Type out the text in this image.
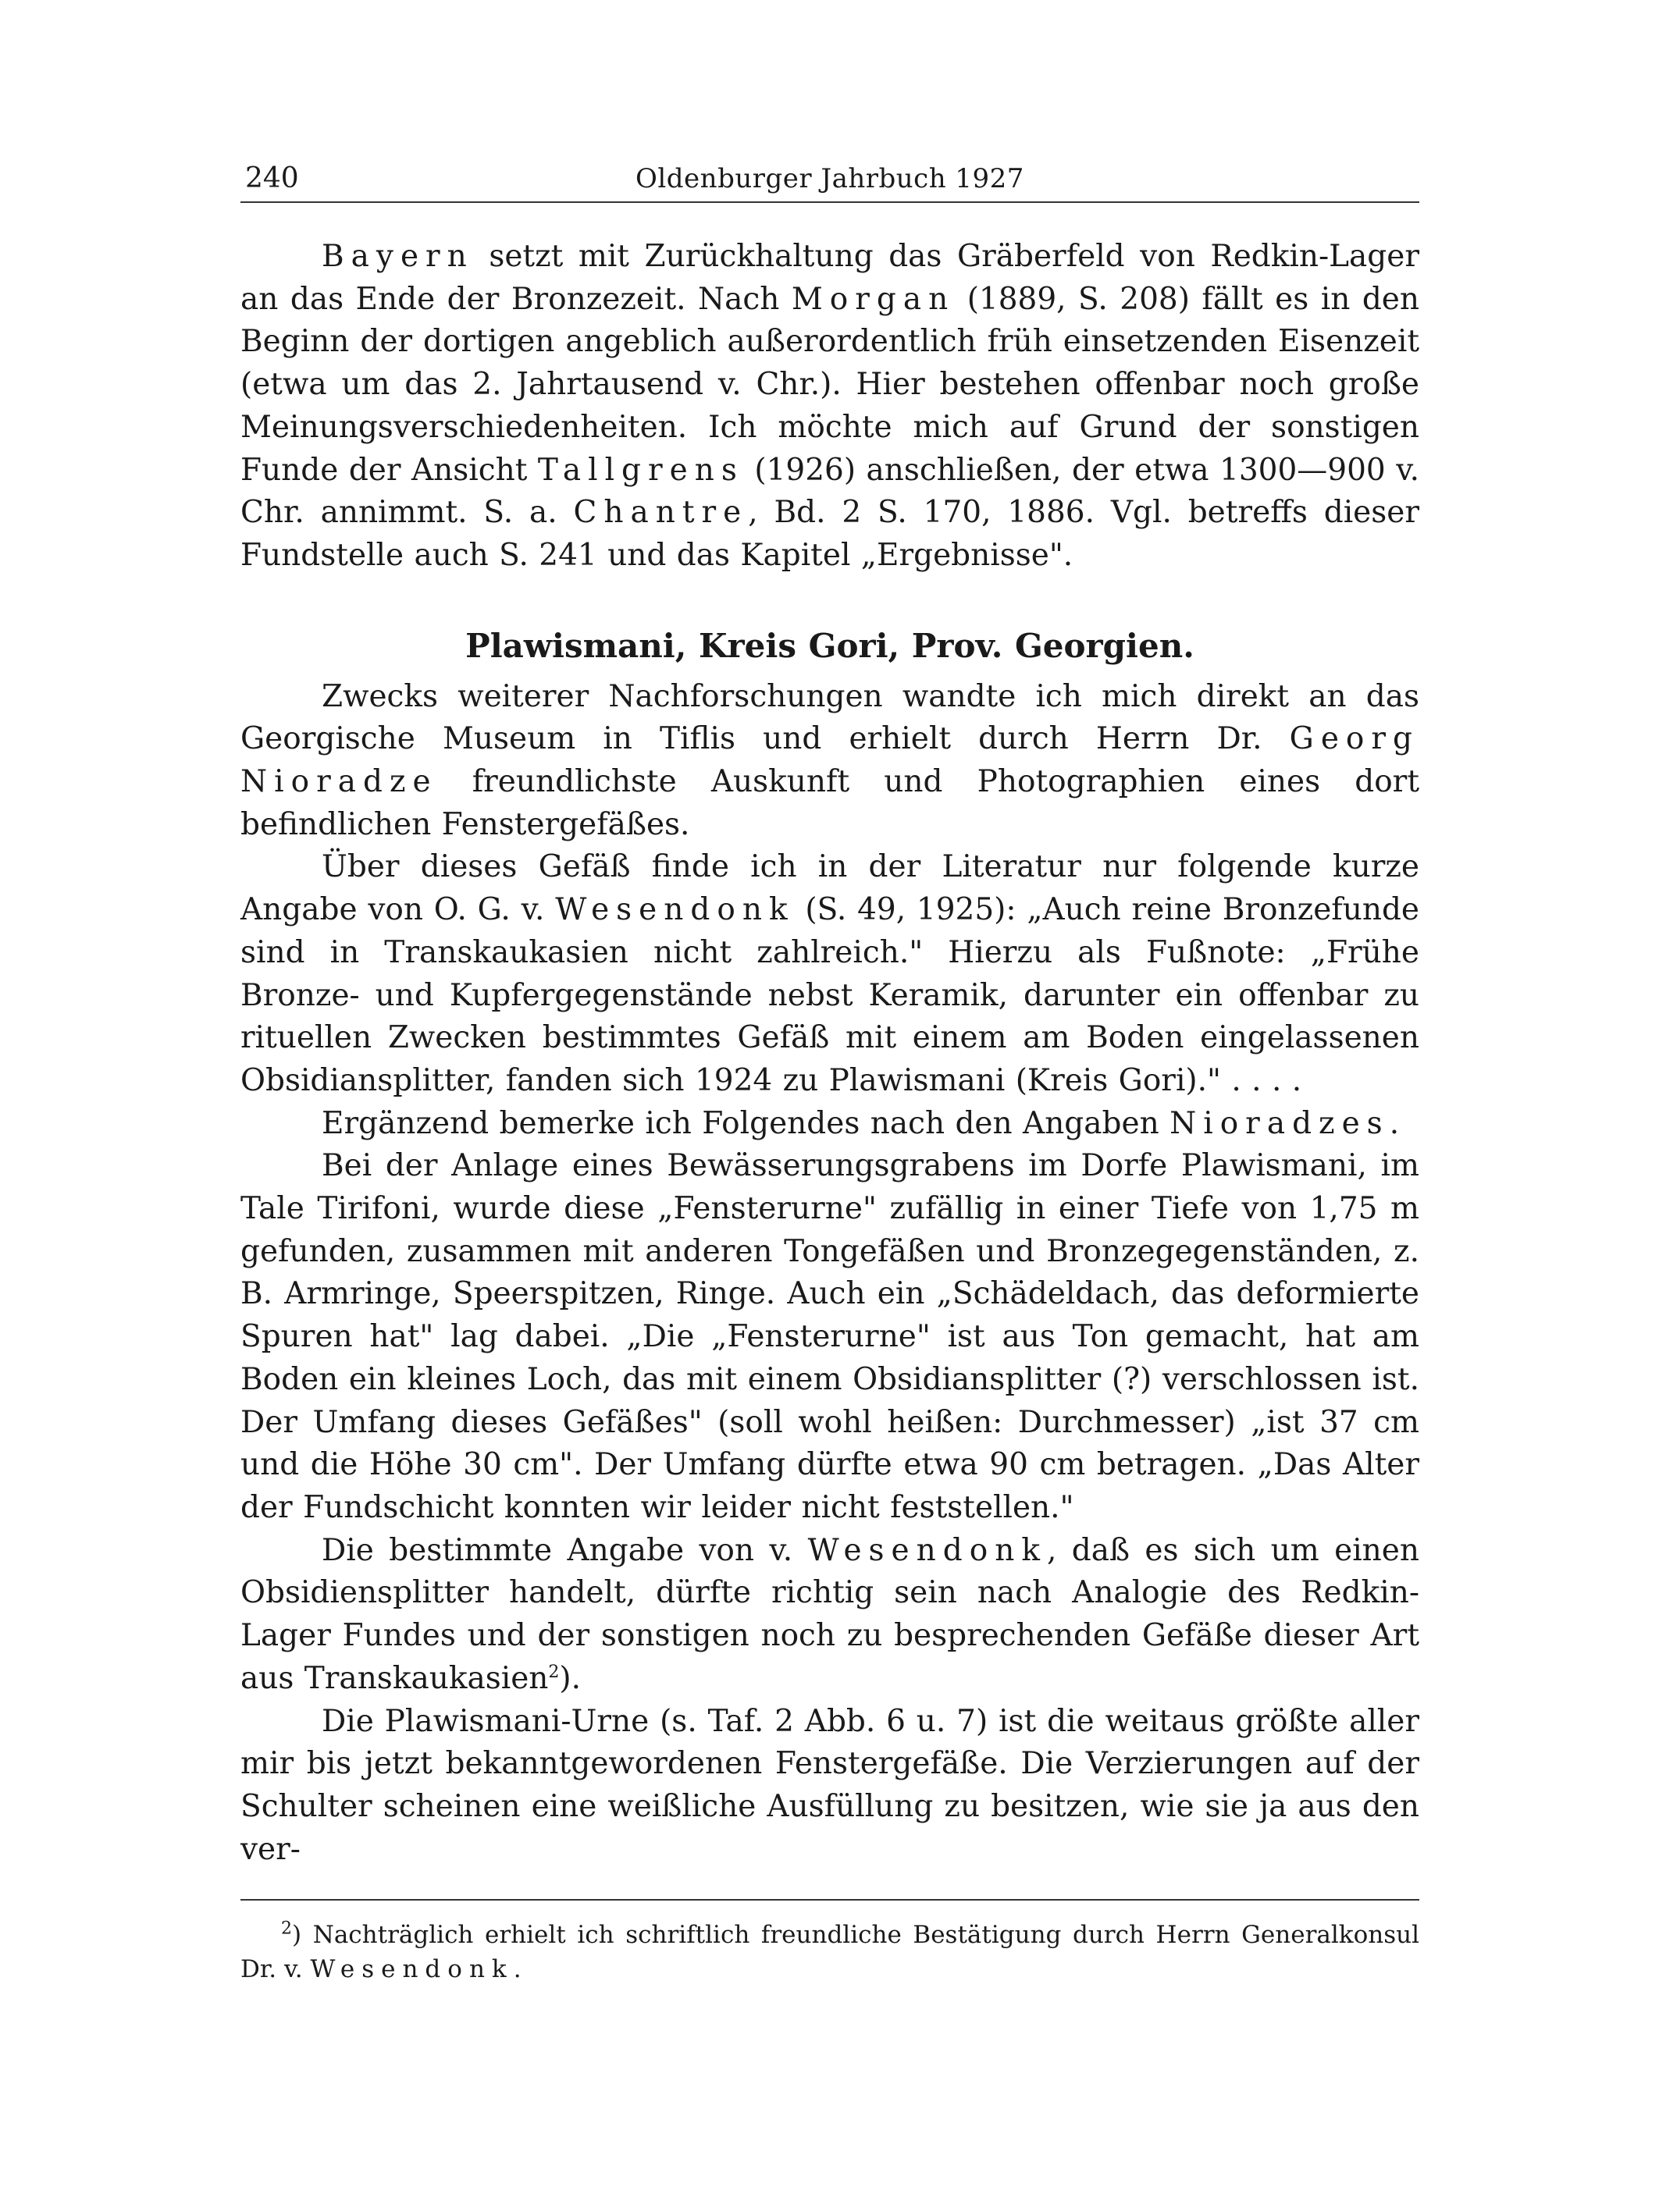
240	Oldenburger Jahrbuch 1927

Bayern setzt mit Zurückhaltung das Gräberfeld von Redkin-Lager an das Ende der Bronzezeit. Nach Morgan (1889, S. 208) fällt es in den Beginn der dortigen angeblich außerordentlich früh einsetzenden Eisenzeit (etwa um das 2. Jahrtausend v. Chr.). Hier bestehen offenbar noch große Meinungsverschiedenheiten. Ich möchte mich auf Grund der sonstigen Funde der Ansicht Tallgrens (1926) anschließen, der etwa 1300—900 v. Chr. annimmt. S. a. Chantre, Bd. 2 S. 170, 1886. Vgl. betreffs dieser Fundstelle auch S. 241 und das Kapitel „Ergebnisse".

Plawismani, Kreis Gori, Prov. Georgien.

Zwecks weiterer Nachforschungen wandte ich mich direkt an das Georgische Museum in Tiflis und erhielt durch Herrn Dr. Georg Nioradze freundlichste Auskunft und Photographien eines dort befindlichen Fenstergefäßes.

Über dieses Gefäß finde ich in der Literatur nur folgende kurze Angabe von O. G. v. Wesendonk (S. 49, 1925): „Auch reine Bronzefunde sind in Transkaukasien nicht zahlreich." Hierzu als Fußnote: „Frühe Bronze- und Kupfergegenstände nebst Keramik, darunter ein offenbar zu rituellen Zwecken bestimmtes Gefäß mit einem am Boden eingelassenen Obsidiansplitter, fanden sich 1924 zu Plawismani (Kreis Gori)." . . . .

Ergänzend bemerke ich Folgendes nach den Angaben Nioradzes.

Bei der Anlage eines Bewässerungsgrabens im Dorfe Plawismani, im Tale Tirifoni, wurde diese „Fensterurne" zufällig in einer Tiefe von 1,75 m gefunden, zusammen mit anderen Tongefäßen und Bronzegegenständen, z. B. Armringe, Speerspitzen, Ringe. Auch ein „Schädeldach, das deformierte Spuren hat" lag dabei. „Die „Fensterurne" ist aus Ton gemacht, hat am Boden ein kleines Loch, das mit einem Obsidiansplitter (?) verschlossen ist. Der Umfang dieses Gefäßes" (soll wohl heißen: Durchmesser) „ist 37 cm und die Höhe 30 cm". Der Umfang dürfte etwa 90 cm betragen. „Das Alter der Fundschicht konnten wir leider nicht feststellen."

Die bestimmte Angabe von v. Wesendonk, daß es sich um einen Obsidiensplitter handelt, dürfte richtig sein nach Analogie des Redkin-Lager Fundes und der sonstigen noch zu besprechenden Gefäße dieser Art aus Transkaukasien$^2$).

Die Plawismani-Urne (s. Taf. 2 Abb. 6 u. 7) ist die weitaus größte aller mir bis jetzt bekanntgewordenen Fenstergefäße. Die Verzierungen auf der Schulter scheinen eine weißliche Ausfüllung zu besitzen, wie sie ja aus den ver-

$^2$) Nachträglich erhielt ich schriftlich freundliche Bestätigung durch Herrn Generalkonsul Dr. v. Wesendonk.
